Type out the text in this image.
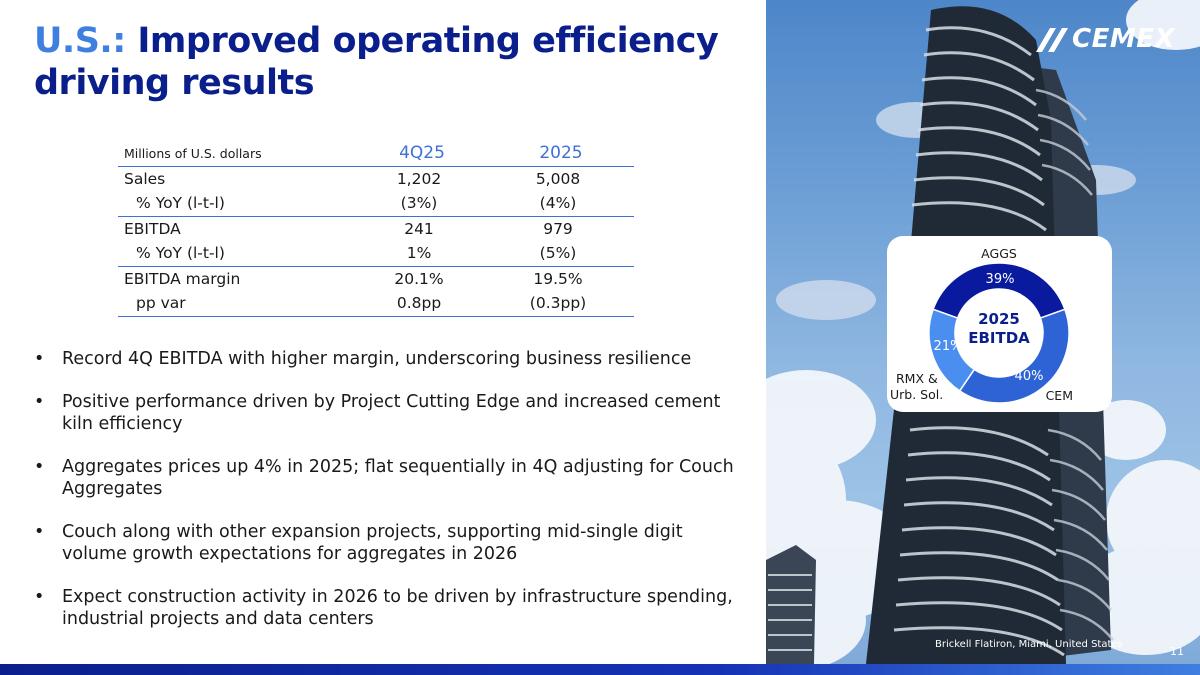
U.S.: Improved operating efficiency driving results
Millions of U.S. dollars	4Q25	2025
Sales	1,202	5,008
% YoY (l-t-l)	(3%)	(4%)
EBITDA	241	979
% YoY (l-t-l)	1%	(5%)
EBITDA margin	20.1%	19.5%
pp var	0.8pp	(0.3pp)
• Record 4Q EBITDA with higher margin, underscoring business resilience
• Positive performance driven by Project Cutting Edge and increased cement kiln efficiency
• Aggregates prices up 4% in 2025; flat sequentially in 4Q adjusting for Couch Aggregates
• Couch along with other expansion projects, supporting mid-single digit volume growth expectations for aggregates in 2026
• Expect construction activity in 2026 to be driven by infrastructure spending, industrial projects and data centers
CEMEX
2025
EBITDA
AGGS
CEM
RMX &
Urb. Sol.
39%
40%
21%
Brickell Flatiron, Miami, United States
11
